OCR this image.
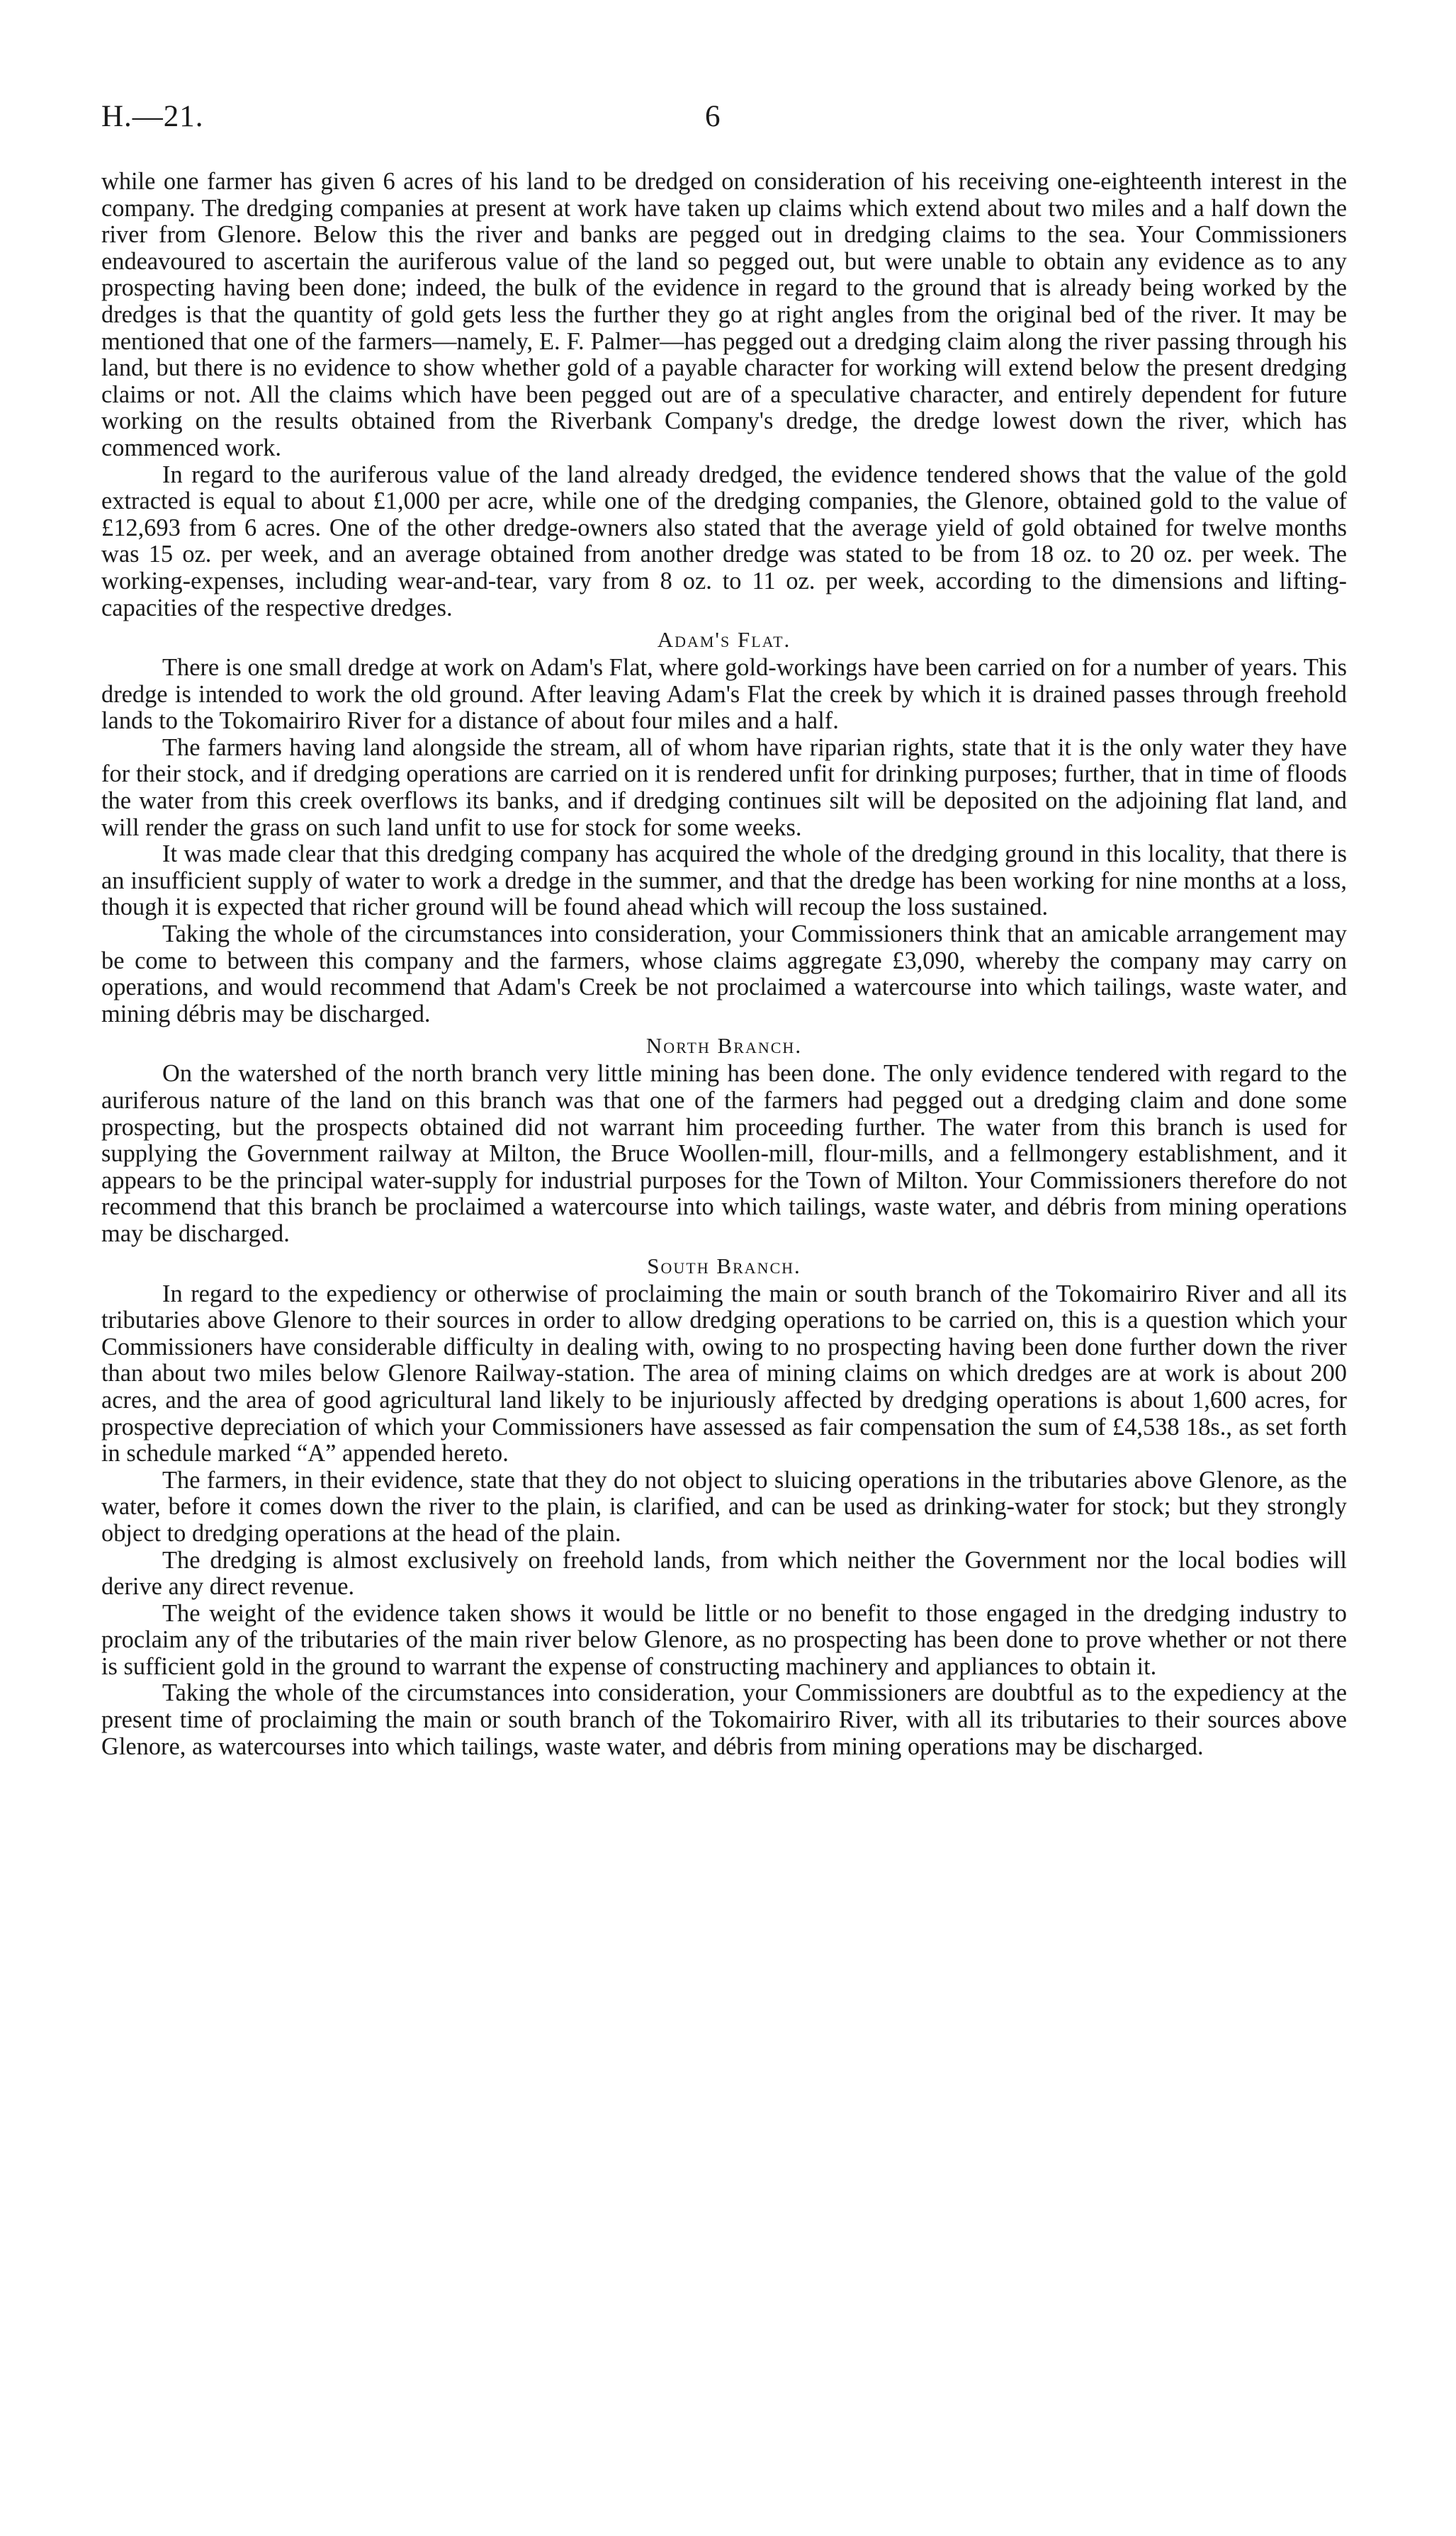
H.—21.	6

while one farmer has given 6 acres of his land to be dredged on consideration of his receiving one-eighteenth interest in the company. The dredging companies at present at work have taken up claims which extend about two miles and a half down the river from Glenore. Below this the river and banks are pegged out in dredging claims to the sea. Your Commissioners endeavoured to ascertain the auriferous value of the land so pegged out, but were unable to obtain any evidence as to any prospecting having been done; indeed, the bulk of the evidence in regard to the ground that is already being worked by the dredges is that the quantity of gold gets less the further they go at right angles from the original bed of the river. It may be mentioned that one of the farmers—namely, E. F. Palmer—has pegged out a dredging claim along the river passing through his land, but there is no evidence to show whether gold of a payable character for working will extend below the present dredging claims or not. All the claims which have been pegged out are of a speculative character, and entirely dependent for future working on the results obtained from the Riverbank Company's dredge, the dredge lowest down the river, which has commenced work.

In regard to the auriferous value of the land already dredged, the evidence tendered shows that the value of the gold extracted is equal to about £1,000 per acre, while one of the dredging companies, the Glenore, obtained gold to the value of £12,693 from 6 acres. One of the other dredge-owners also stated that the average yield of gold obtained for twelve months was 15 oz. per week, and an average obtained from another dredge was stated to be from 18 oz. to 20 oz. per week. The working-expenses, including wear-and-tear, vary from 8 oz. to 11 oz. per week, according to the dimensions and lifting-capacities of the respective dredges.

Adam's Flat.

There is one small dredge at work on Adam's Flat, where gold-workings have been carried on for a number of years. This dredge is intended to work the old ground. After leaving Adam's Flat the creek by which it is drained passes through freehold lands to the Tokomairiro River for a distance of about four miles and a half.

The farmers having land alongside the stream, all of whom have riparian rights, state that it is the only water they have for their stock, and if dredging operations are carried on it is rendered unfit for drinking purposes; further, that in time of floods the water from this creek overflows its banks, and if dredging continues silt will be deposited on the adjoining flat land, and will render the grass on such land unfit to use for stock for some weeks.

It was made clear that this dredging company has acquired the whole of the dredging ground in this locality, that there is an insufficient supply of water to work a dredge in the summer, and that the dredge has been working for nine months at a loss, though it is expected that richer ground will be found ahead which will recoup the loss sustained.

Taking the whole of the circumstances into consideration, your Commissioners think that an amicable arrangement may be come to between this company and the farmers, whose claims aggregate £3,090, whereby the company may carry on operations, and would recommend that Adam's Creek be not proclaimed a watercourse into which tailings, waste water, and mining débris may be discharged.

North Branch.

On the watershed of the north branch very little mining has been done. The only evidence tendered with regard to the auriferous nature of the land on this branch was that one of the farmers had pegged out a dredging claim and done some prospecting, but the prospects obtained did not warrant him proceeding further. The water from this branch is used for supplying the Government railway at Milton, the Bruce Woollen-mill, flour-mills, and a fellmongery establishment, and it appears to be the principal water-supply for industrial purposes for the Town of Milton. Your Commissioners therefore do not recommend that this branch be proclaimed a watercourse into which tailings, waste water, and débris from mining operations may be discharged.

South Branch.

In regard to the expediency or otherwise of proclaiming the main or south branch of the Tokomairiro River and all its tributaries above Glenore to their sources in order to allow dredging operations to be carried on, this is a question which your Commissioners have considerable difficulty in dealing with, owing to no prospecting having been done further down the river than about two miles below Glenore Railway-station. The area of mining claims on which dredges are at work is about 200 acres, and the area of good agricultural land likely to be injuriously affected by dredging operations is about 1,600 acres, for prospective depreciation of which your Commissioners have assessed as fair compensation the sum of £4,538 18s., as set forth in schedule marked “A” appended hereto.

The farmers, in their evidence, state that they do not object to sluicing operations in the tributaries above Glenore, as the water, before it comes down the river to the plain, is clarified, and can be used as drinking-water for stock; but they strongly object to dredging operations at the head of the plain.

The dredging is almost exclusively on freehold lands, from which neither the Government nor the local bodies will derive any direct revenue.

The weight of the evidence taken shows it would be little or no benefit to those engaged in the dredging industry to proclaim any of the tributaries of the main river below Glenore, as no prospecting has been done to prove whether or not there is sufficient gold in the ground to warrant the expense of constructing machinery and appliances to obtain it.

Taking the whole of the circumstances into consideration, your Commissioners are doubtful as to the expediency at the present time of proclaiming the main or south branch of the Tokomairiro River, with all its tributaries to their sources above Glenore, as watercourses into which tailings, waste water, and débris from mining operations may be discharged.
